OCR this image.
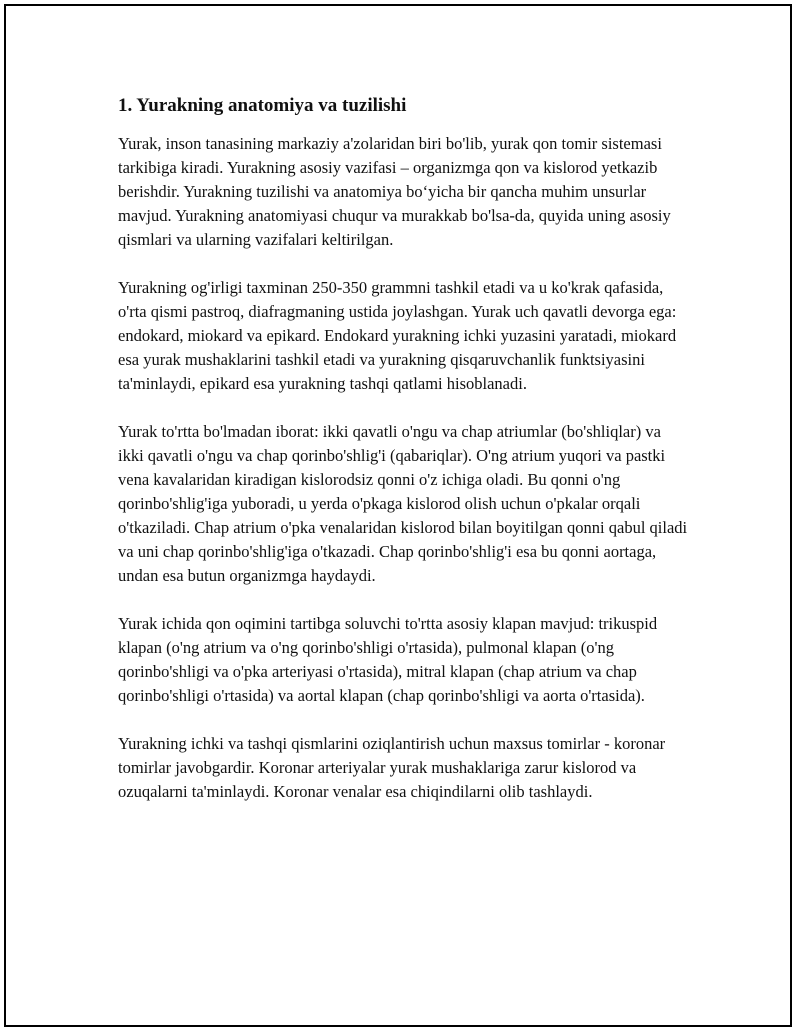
1. Yurakning anatomiya va tuzilishi

Yurak, inson tanasining markaziy a'zolaridan biri bo'lib, yurak qon tomir sistemasi tarkibiga kiradi. Yurakning asosiy vazifasi – organizmga qon va kislorod yetkazib berishdir. Yurakning tuzilishi va anatomiya bo‘yicha bir qancha muhim unsurlar mavjud. Yurakning anatomiyasi chuqur va murakkab bo'lsa-da, quyida uning asosiy qismlari va ularning vazifalari keltirilgan.

Yurakning og'irligi taxminan 250-350 grammni tashkil etadi va u ko'krak qafasida, o'rta qismi pastroq, diafragmaning ustida joylashgan. Yurak uch qavatli devorga ega: endokard, miokard va epikard. Endokard yurakning ichki yuzasini yaratadi, miokard esa yurak mushaklarini tashkil etadi va yurakning qisqaruvchanlik funktsiyasini ta'minlaydi, epikard esa yurakning tashqi qatlami hisoblanadi.

Yurak to'rtta bo'lmadan iborat: ikki qavatli o'ngu va chap atriumlar (bo'shliqlar) va ikki qavatli o'ngu va chap qorinbo'shlig'i (qabariqlar). O'ng atrium yuqori va pastki vena kavalaridan kiradigan kislorodsiz qonni o'z ichiga oladi. Bu qonni o'ng qorinbo'shlig'iga yuboradi, u yerda o'pkaga kislorod olish uchun o'pkalar orqali o'tkaziladi. Chap atrium o'pka venalaridan kislorod bilan boyitilgan qonni qabul qiladi va uni chap qorinbo'shlig'iga o'tkazadi. Chap qorinbo'shlig'i esa bu qonni aortaga, undan esa butun organizmga haydaydi.

Yurak ichida qon oqimini tartibga soluvchi to'rtta asosiy klapan mavjud: trikuspid klapan (o'ng atrium va o'ng qorinbo'shligi o'rtasida), pulmonal klapan (o'ng qorinbo'shligi va o'pka arteriyasi o'rtasida), mitral klapan (chap atrium va chap qorinbo'shligi o'rtasida) va aortal klapan (chap qorinbo'shligi va aorta o'rtasida).

Yurakning ichki va tashqi qismlarini oziqlantirish uchun maxsus tomirlar - koronar tomirlar javobgardir. Koronar arteriyalar yurak mushaklariga zarur kislorod va ozuqalarni ta'minlaydi. Koronar venalar esa chiqindilarni olib tashlaydi.
